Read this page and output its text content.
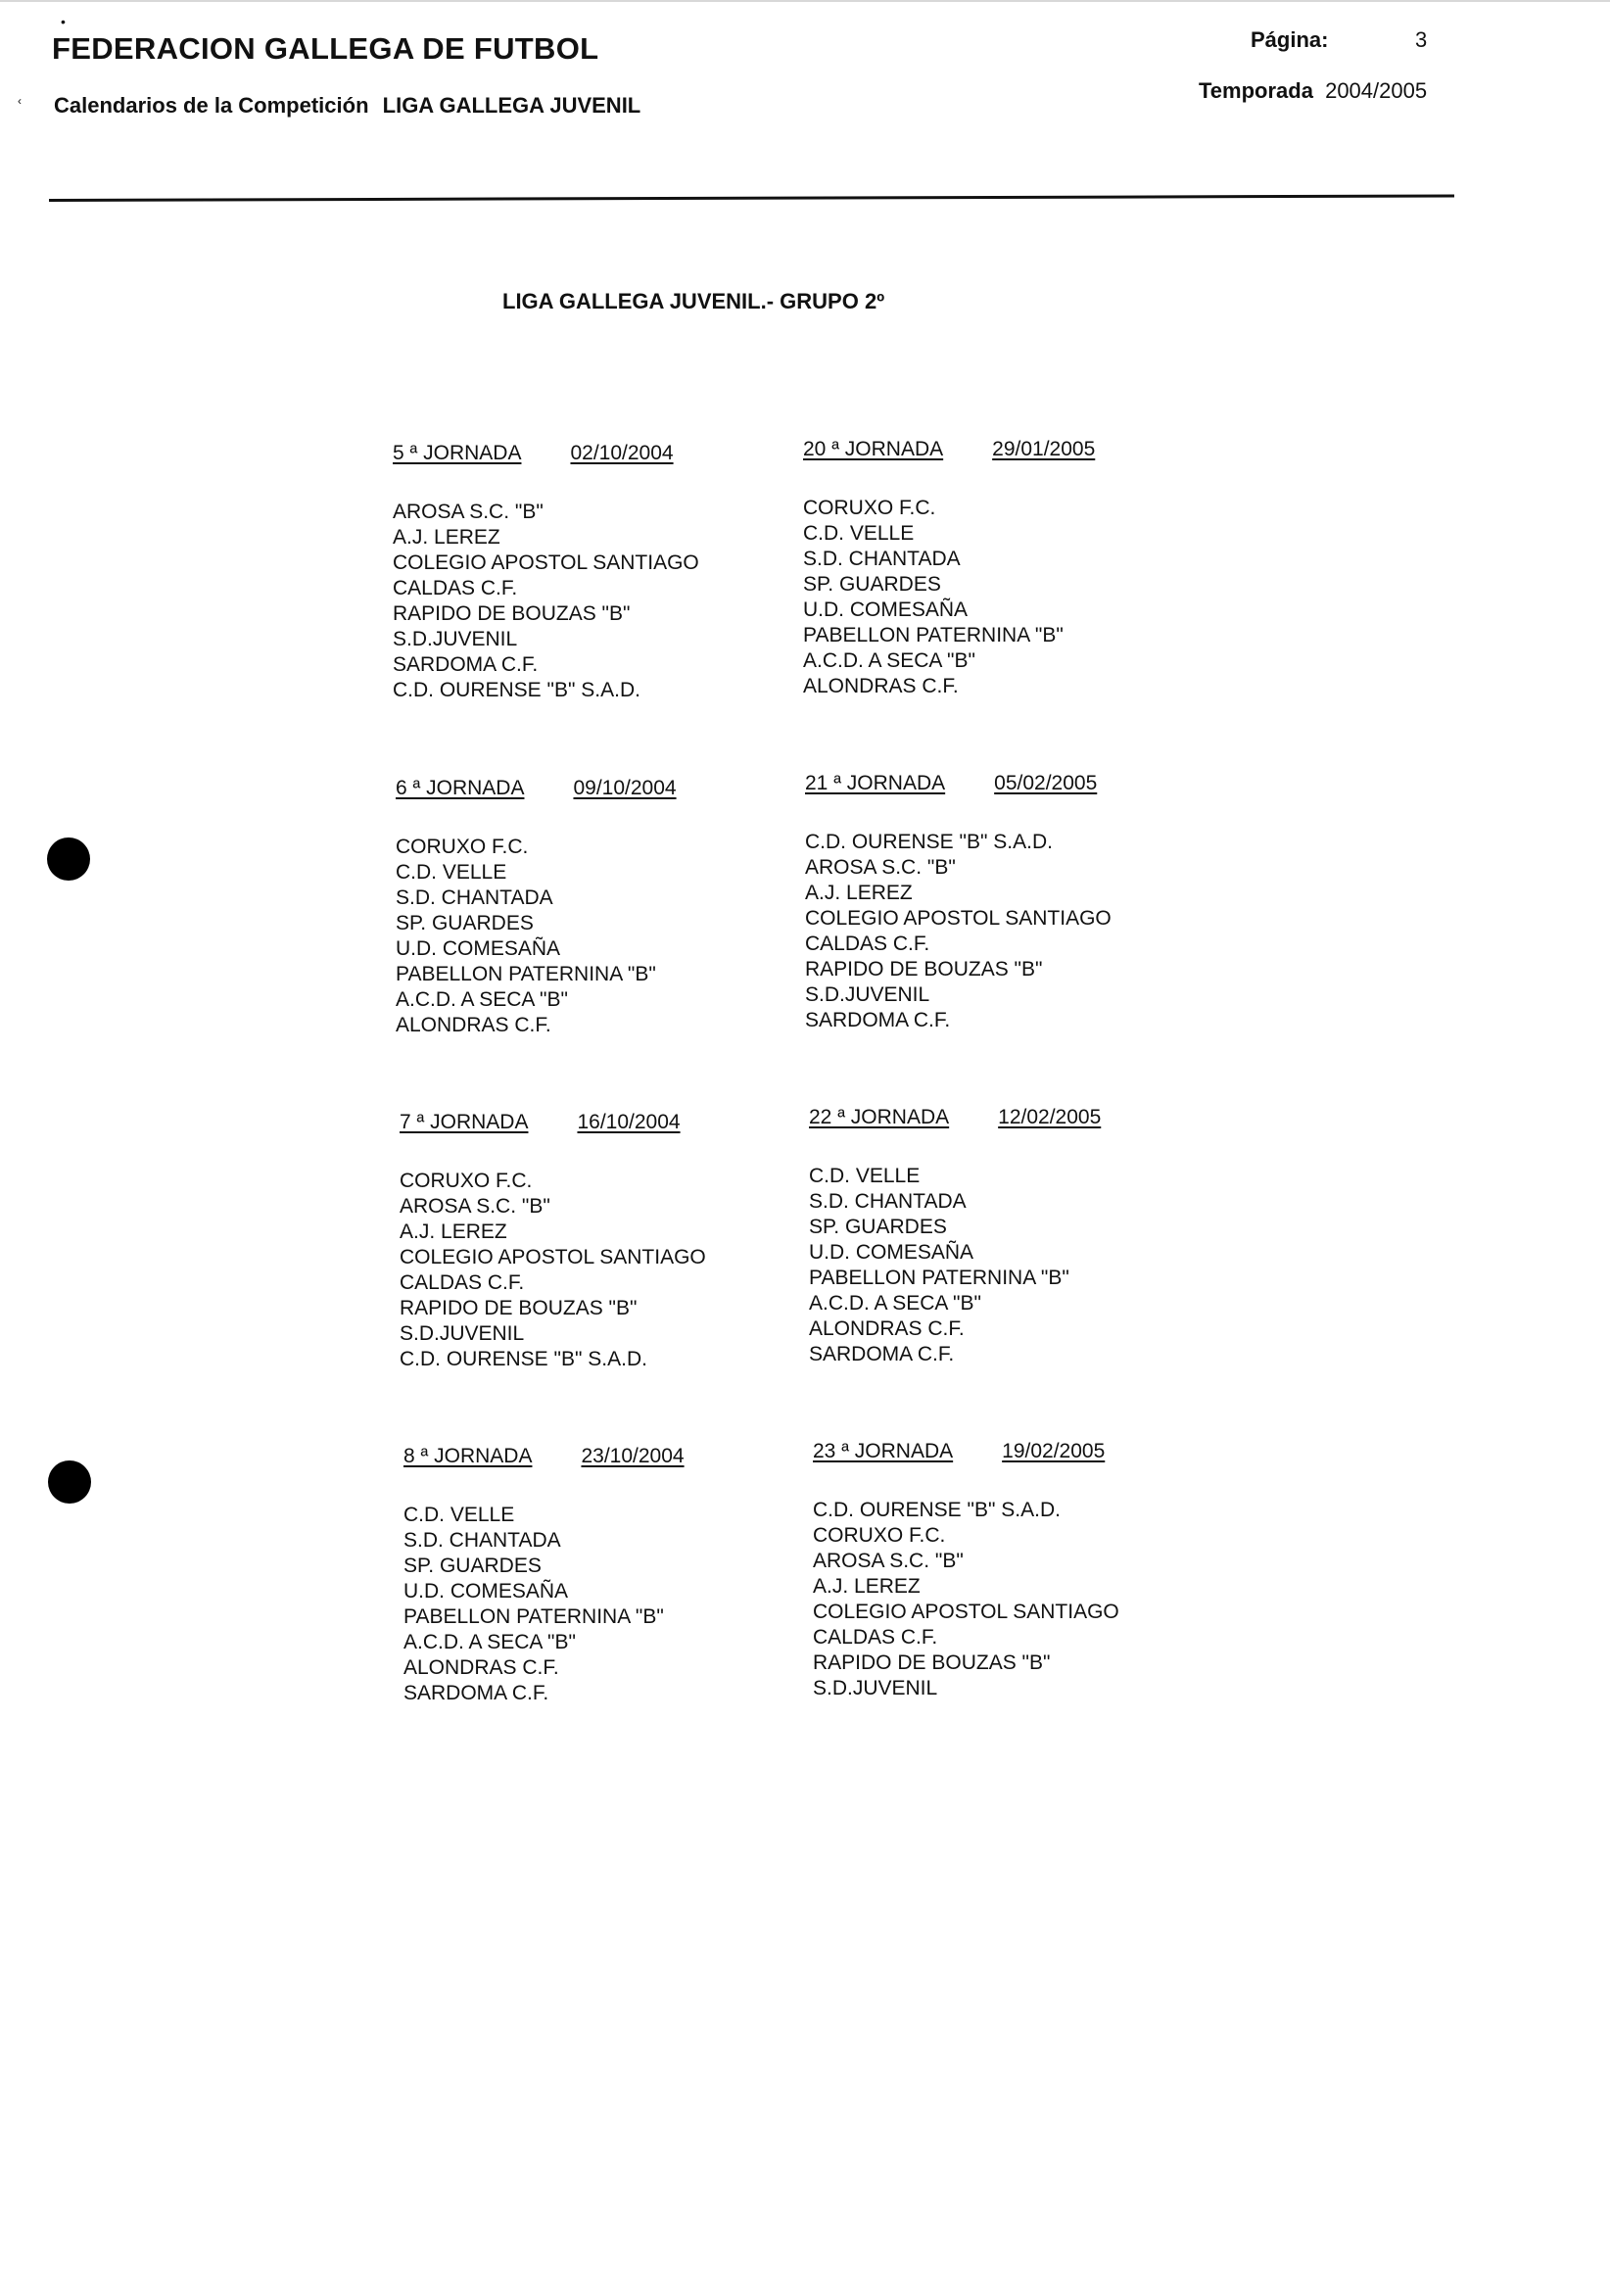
•
‹
FEDERACION GALLEGA DE FUTBOL
Calendarios de la Competición LIGA GALLEGA JUVENIL
Página:	3
Temporada 2004/2005
LIGA GALLEGA JUVENIL.- GRUPO 2º
5 ª JORNADA 02/10/2004
AROSA S.C. "B"
A.J. LEREZ
COLEGIO APOSTOL SANTIAGO
CALDAS C.F.
RAPIDO DE BOUZAS "B"
S.D.JUVENIL
SARDOMA C.F.
C.D. OURENSE "B" S.A.D.
20 ª JORNADA 29/01/2005
CORUXO F.C.
C.D. VELLE
S.D. CHANTADA
SP. GUARDES
U.D. COMESAÑA
PABELLON PATERNINA "B"
A.C.D. A SECA "B"
ALONDRAS C.F.
6 ª JORNADA 09/10/2004
CORUXO F.C.
C.D. VELLE
S.D. CHANTADA
SP. GUARDES
U.D. COMESAÑA
PABELLON PATERNINA "B"
A.C.D. A SECA "B"
ALONDRAS C.F.
21 ª JORNADA 05/02/2005
C.D. OURENSE "B" S.A.D.
AROSA S.C. "B"
A.J. LEREZ
COLEGIO APOSTOL SANTIAGO
CALDAS C.F.
RAPIDO DE BOUZAS "B"
S.D.JUVENIL
SARDOMA C.F.
7 ª JORNADA 16/10/2004
CORUXO F.C.
AROSA S.C. "B"
A.J. LEREZ
COLEGIO APOSTOL SANTIAGO
CALDAS C.F.
RAPIDO DE BOUZAS "B"
S.D.JUVENIL
C.D. OURENSE "B" S.A.D.
22 ª JORNADA 12/02/2005
C.D. VELLE
S.D. CHANTADA
SP. GUARDES
U.D. COMESAÑA
PABELLON PATERNINA "B"
A.C.D. A SECA "B"
ALONDRAS C.F.
SARDOMA C.F.
8 ª JORNADA 23/10/2004
C.D. VELLE
S.D. CHANTADA
SP. GUARDES
U.D. COMESAÑA
PABELLON PATERNINA "B"
A.C.D. A SECA "B"
ALONDRAS C.F.
SARDOMA C.F.
23 ª JORNADA 19/02/2005
C.D. OURENSE "B" S.A.D.
CORUXO F.C.
AROSA S.C. "B"
A.J. LEREZ
COLEGIO APOSTOL SANTIAGO
CALDAS C.F.
RAPIDO DE BOUZAS "B"
S.D.JUVENIL
